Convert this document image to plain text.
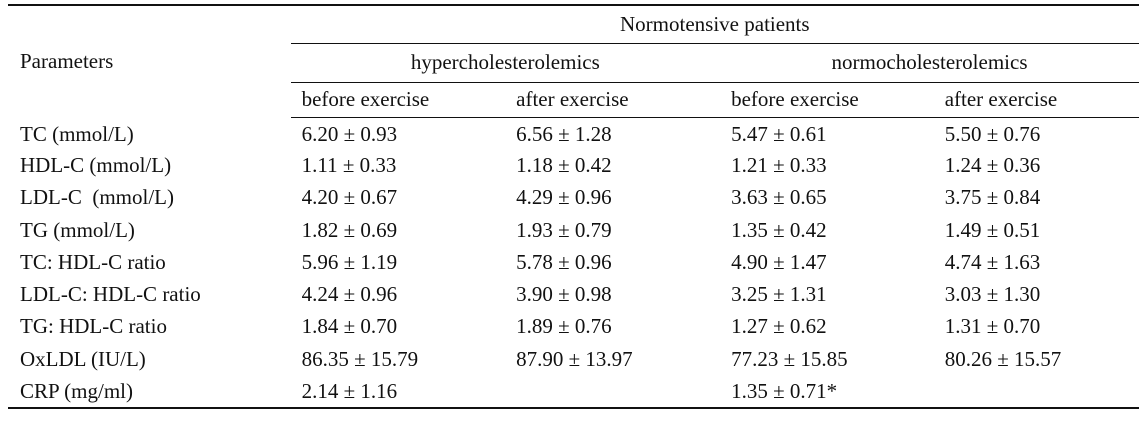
Parameters	Normotensive patients			
	hypercholesterolemics		normocholesterolemics	
	before exercise	after exercise	before exercise	after exercise
TC (mmol/L)	6.20 ± 0.93	6.56 ± 1.28	5.47 ± 0.61	5.50 ± 0.76
HDL-C (mmol/L)	1.11 ± 0.33	1.18 ± 0.42	1.21 ± 0.33	1.24 ± 0.36
LDL-C  (mmol/L)	4.20 ± 0.67	4.29 ± 0.96	3.63 ± 0.65	3.75 ± 0.84
TG (mmol/L)	1.82 ± 0.69	1.93 ± 0.79	1.35 ± 0.42	1.49 ± 0.51
TC: HDL-C ratio	5.96 ± 1.19	5.78 ± 0.96	4.90 ± 1.47	4.74 ± 1.63
LDL-C: HDL-C ratio	4.24 ± 0.96	3.90 ± 0.98	3.25 ± 1.31	3.03 ± 1.30
TG: HDL-C ratio	1.84 ± 0.70	1.89 ± 0.76	1.27 ± 0.62	1.31 ± 0.70
OxLDL (IU/L)	86.35 ± 15.79	87.90 ± 13.97	77.23 ± 15.85	80.26 ± 15.57
CRP (mg/ml)	2.14 ± 1.16		1.35 ± 0.71*	
